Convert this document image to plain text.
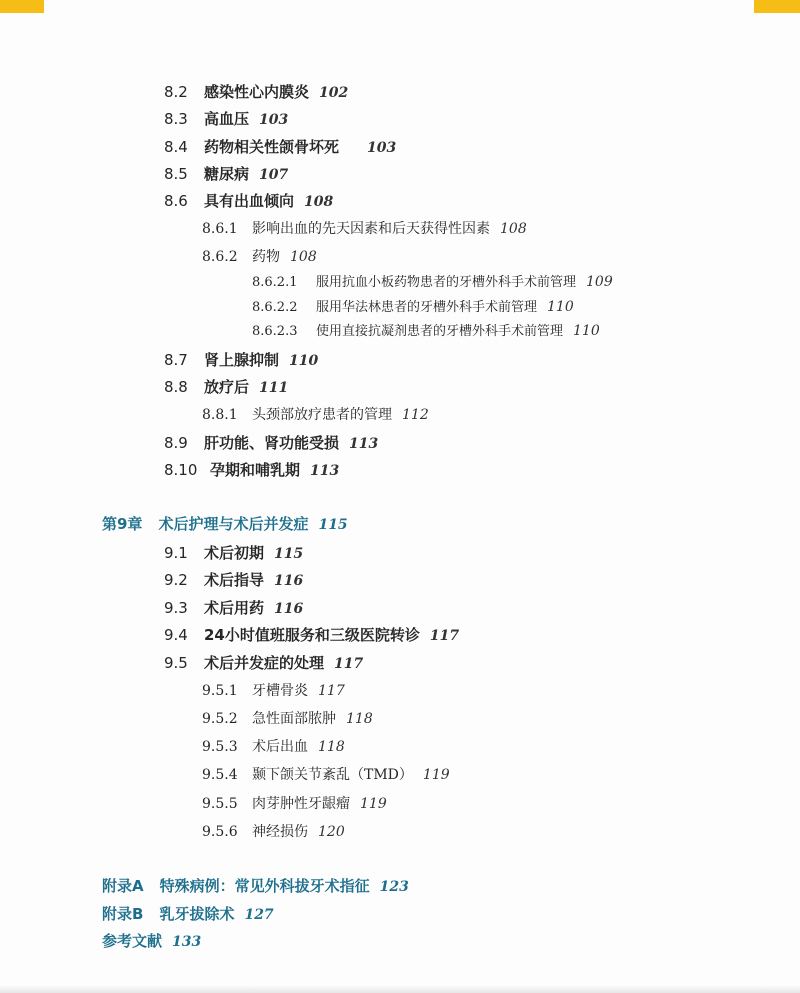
8.2 感染性心内膜炎 102
8.3 高血压 103
8.4 药物相关性颌骨坏死 103
8.5 糖尿病 107
8.6 具有出血倾向 108
8.6.1 影响出血的先天因素和后天获得性因素 108
8.6.2 药物 108
8.6.2.1 服用抗血小板药物患者的牙槽外科手术前管理 109
8.6.2.2 服用华法林患者的牙槽外科手术前管理 110
8.6.2.3 使用直接抗凝剂患者的牙槽外科手术前管理 110
8.7 肾上腺抑制 110
8.8 放疗后 111
8.8.1 头颈部放疗患者的管理 112
8.9 肝功能、肾功能受损 113
8.10 孕期和哺乳期 113
第9章 术后护理与术后并发症 115
9.1 术后初期 115
9.2 术后指导 116
9.3 术后用药 116
9.4 24小时值班服务和三级医院转诊 117
9.5 术后并发症的处理 117
9.5.1 牙槽骨炎 117
9.5.2 急性面部脓肿 118
9.5.3 术后出血 118
9.5.4 颞下颌关节紊乱（TMD） 119
9.5.5 肉芽肿性牙龈瘤 119
9.5.6 神经损伤 120
附录A 特殊病例：常见外科拔牙术指征 123
附录B 乳牙拔除术 127
参考文献 133
